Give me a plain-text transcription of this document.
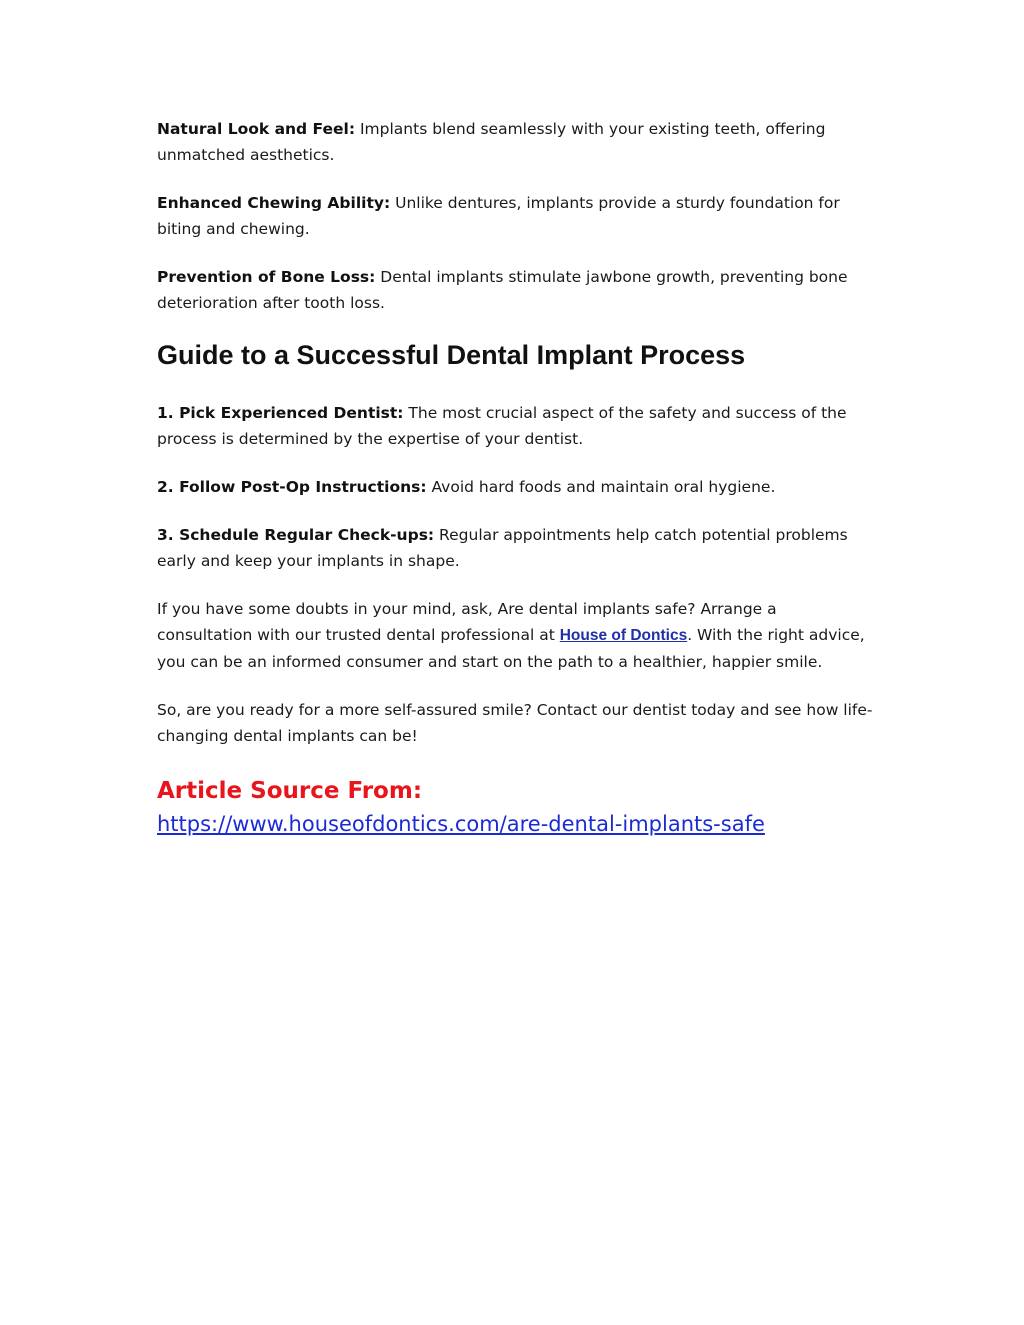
Natural Look and Feel: Implants blend seamlessly with your existing teeth, offering unmatched aesthetics.

Enhanced Chewing Ability: Unlike dentures, implants provide a sturdy foundation for biting and chewing.

Prevention of Bone Loss: Dental implants stimulate jawbone growth, preventing bone deterioration after tooth loss.

Guide to a Successful Dental Implant Process

1. Pick Experienced Dentist: The most crucial aspect of the safety and success of the process is determined by the expertise of your dentist.

2. Follow Post-Op Instructions: Avoid hard foods and maintain oral hygiene.

3. Schedule Regular Check-ups: Regular appointments help catch potential problems early and keep your implants in shape.

If you have some doubts in your mind, ask, Are dental implants safe? Arrange a consultation with our trusted dental professional at House of Dontics. With the right advice, you can be an informed consumer and start on the path to a healthier, happier smile.

So, are you ready for a more self-assured smile? Contact our dentist today and see how life-changing dental implants can be!

Article Source From:
https://www.houseofdontics.com/are-dental-implants-safe
